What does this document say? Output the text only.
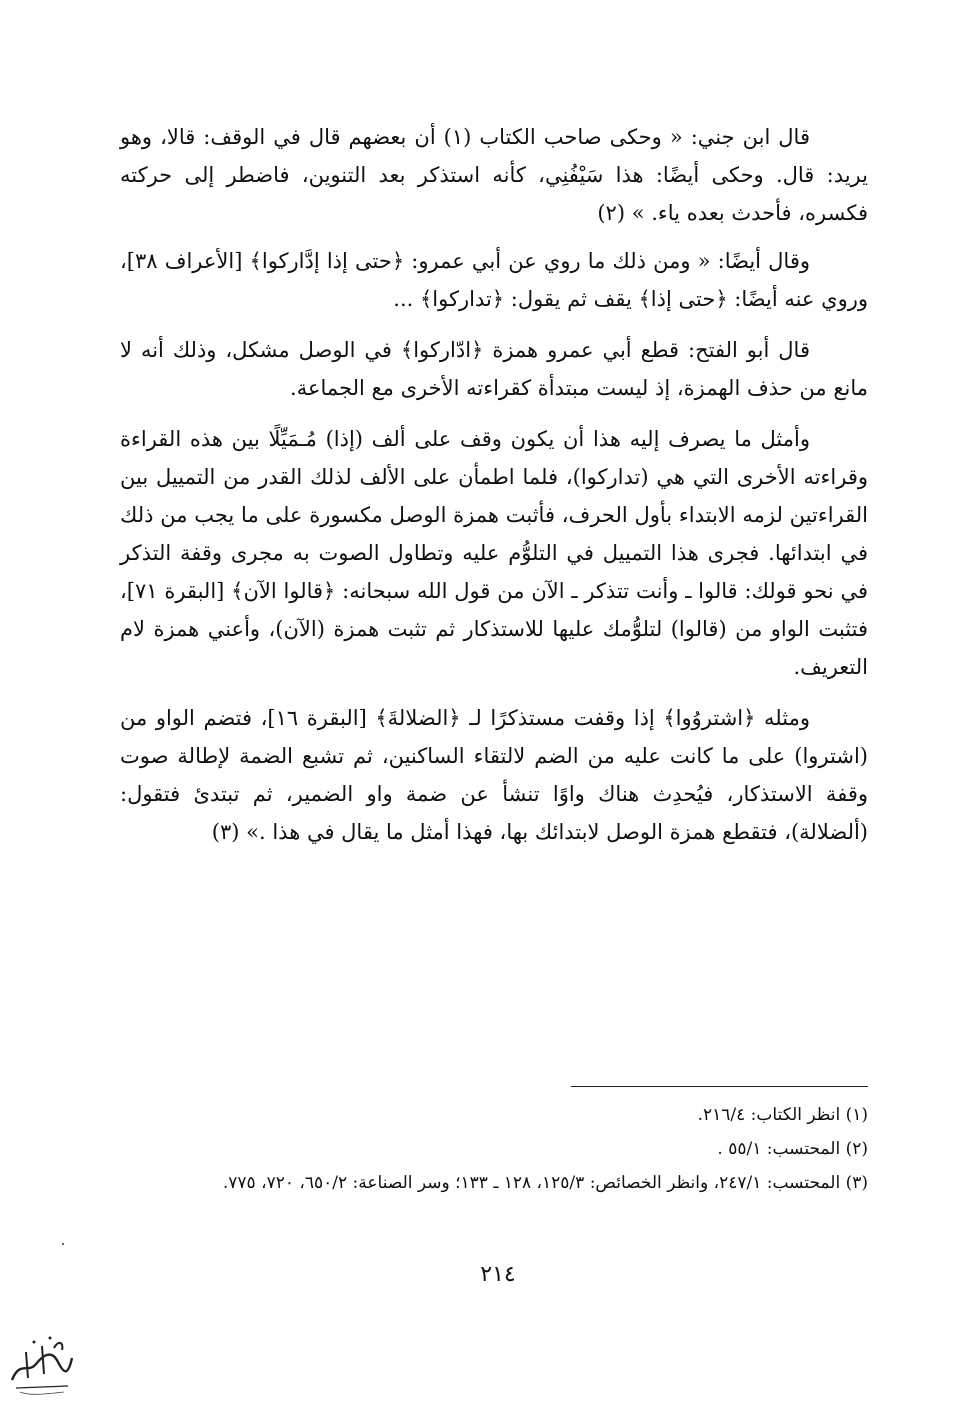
قال ابن جني: « وحكى صاحب الكتاب (١) أن بعضهم قال في الوقف: قالا، وهو يريد: قال. وحكى أيضًا: هذا سَيْفُنِي، كأنه استذكر بعد التنوين، فاضطر إلى حركته فكسره، فأحدث بعده ياء. » (٢)

وقال أيضًا: « ومن ذلك ما روي عن أبي عمرو: ﴿حتى إذا إدَّاركوا﴾ [الأعراف ٣٨]، وروي عنه أيضًا: ﴿حتى إذا﴾ يقف ثم يقول: ﴿تداركوا﴾ ...

قال أبو الفتح: قطع أبي عمرو همزة ﴿ادّاركوا﴾ في الوصل مشكل، وذلك أنه لا مانع من حذف الهمزة، إذ ليست مبتدأة كقراءته الأخرى مع الجماعة.

وأمثل ما يصرف إليه هذا أن يكون وقف على ألف (إذا) مُـمَيِّلًا بين هذه القراءة وقراءته الأخرى التي هي (تداركوا)، فلما اطمأن على الألف لذلك القدر من التمييل بين القراءتين لزمه الابتداء بأول الحرف، فأثبت همزة الوصل مكسورة على ما يجب من ذلك في ابتدائها. فجرى هذا التمييل في التلوُّم عليه وتطاول الصوت به مجرى وقفة التذكر في نحو قولك: قالوا ـ وأنت تتذكر ـ الآن من قول الله سبحانه: ﴿قالوا الآن﴾ [البقرة ٧١]، فتثبت الواو من (قالوا) لتلوُّمك عليها للاستذكار ثم تثبت همزة (الآن)، وأعني همزة لام التعريف.

ومثله ﴿اشتروُوا﴾ إذا وقفت مستذكرًا لـ ﴿الضلالةَ﴾ [البقرة ١٦]، فتضم الواو من (اشتروا) على ما كانت عليه من الضم لالتقاء الساكنين، ثم تشبع الضمة لإطالة صوت وقفة الاستذكار، فيُحدِث هناك واوًا تنشأ عن ضمة واو الضمير، ثم تبتدئ فتقول: (ألضلالة)، فتقطع همزة الوصل لابتدائك بها، فهذا أمثل ما يقال في هذا .» (٣)

(١) انظر الكتاب: ٢١٦/٤.

(٢) المحتسب: ٥٥/١ .

(٣) المحتسب: ٢٤٧/١، وانظر الخصائص: ١٢٥/٣، ١٢٨ ـ ١٣٣؛ وسر الصناعة: ٦٥٠/٢، ٧٢٠، ٧٧٥.

٢١٤
